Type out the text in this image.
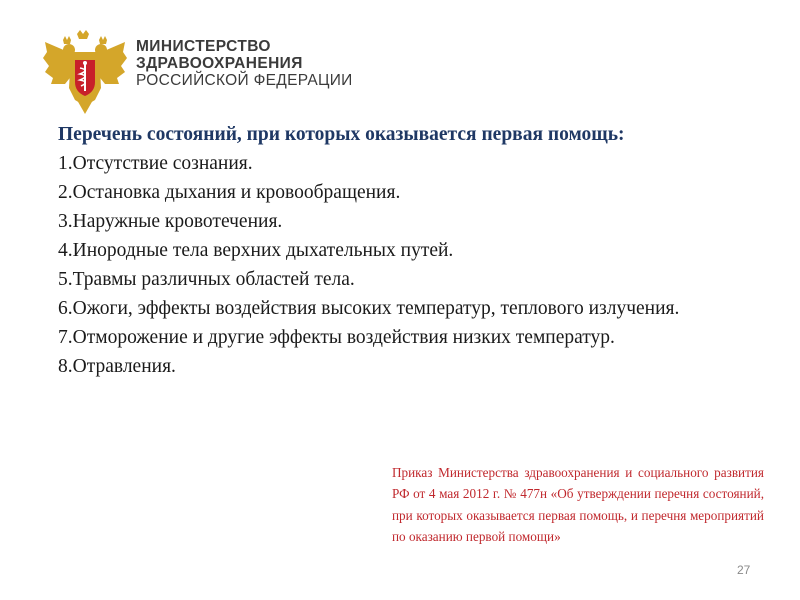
МИНИСТЕРСТВО
ЗДРАВООХРАНЕНИЯ
РОССИЙСКОЙ ФЕДЕРАЦИИ

Перечень состояний, при которых оказывается первая помощь:

1.Отсутствие сознания.

2.Остановка дыхания и кровообращения.

3.Наружные кровотечения.

4.Инородные тела верхних дыхательных путей.

5.Травмы различных областей тела.

6.Ожоги, эффекты воздействия высоких температур, теплового излучения.

7.Отморожение и другие эффекты воздействия низких температур.

8.Отравления.

Приказ Министерства здравоохранения и социального развития РФ от 4 мая 2012 г. № 477н «Об утверждении перечня состояний, при которых оказывается первая помощь, и перечня мероприятий по оказанию первой помощи»
27
